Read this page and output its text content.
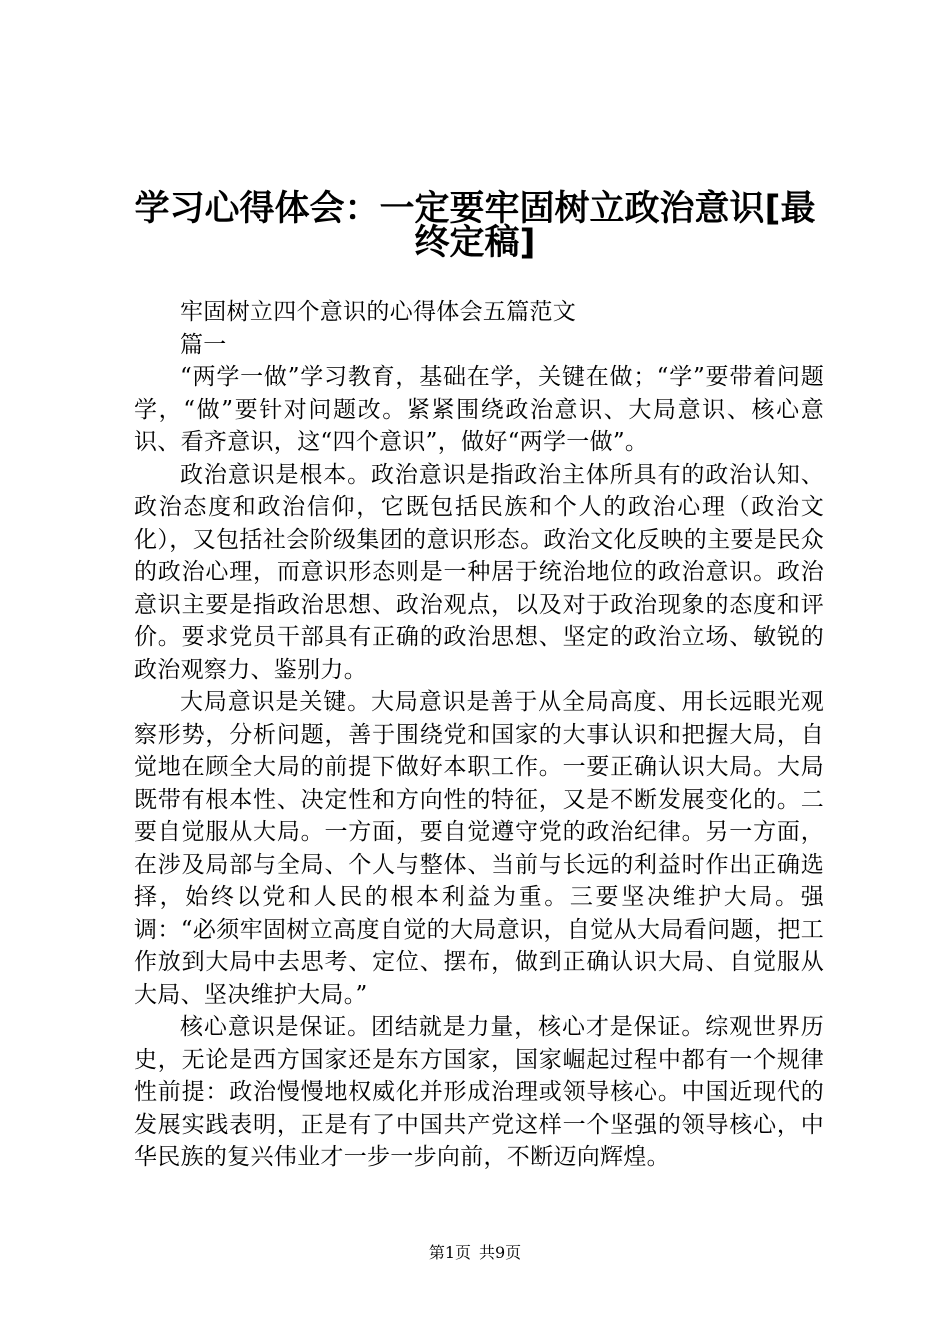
学习心得体会：一定要牢固树立政治意识[最
终定稿]

牢固树立四个意识的心得体会五篇范文

篇一

“两学一做”学习教育，基础在学，关键在做；“学”要带着问题学，“做”要针对问题改。紧紧围绕政治意识、大局意识、核心意识、看齐意识，这“四个意识”，做好“两学一做”。

政治意识是根本。政治意识是指政治主体所具有的政治认知、政治态度和政治信仰，它既包括民族和个人的政治心理（政治文化），又包括社会阶级集团的意识形态。政治文化反映的主要是民众的政治心理，而意识形态则是一种居于统治地位的政治意识。政治意识主要是指政治思想、政治观点，以及对于政治现象的态度和评价。要求党员干部具有正确的政治思想、坚定的政治立场、敏锐的政治观察力、鉴别力。

大局意识是关键。大局意识是善于从全局高度、用长远眼光观察形势，分析问题，善于围绕党和国家的大事认识和把握大局，自觉地在顾全大局的前提下做好本职工作。一要正确认识大局。大局既带有根本性、决定性和方向性的特征，又是不断发展变化的。二要自觉服从大局。一方面，要自觉遵守党的政治纪律。另一方面，在涉及局部与全局、个人与整体、当前与长远的利益时作出正确选择，始终以党和人民的根本利益为重。三要坚决维护大局。强调：“必须牢固树立高度自觉的大局意识，自觉从大局看问题，把工作放到大局中去思考、定位、摆布，做到正确认识大局、自觉服从大局、坚决维护大局。”

核心意识是保证。团结就是力量，核心才是保证。综观世界历史，无论是西方国家还是东方国家，国家崛起过程中都有一个规律性前提：政治慢慢地权威化并形成治理或领导核心。中国近现代的发展实践表明，正是有了中国共产党这样一个坚强的领导核心，中华民族的复兴伟业才一步一步向前，不断迈向辉煌。

第1页 共9页
